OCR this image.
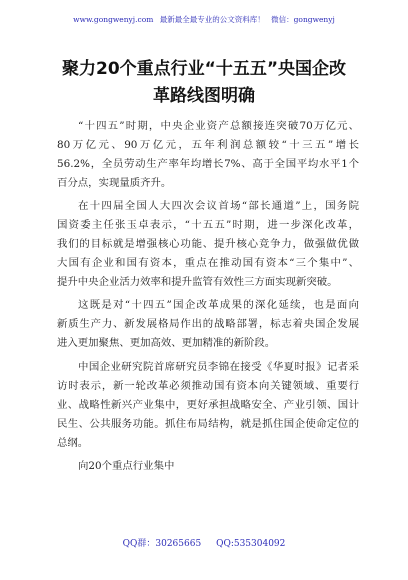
www.gongwenyj.com 最新最全最专业的公文资料库！ 微信：gongwenyj
聚力20个重点行业“十五五”央国企改
革路线图明确
“十四五”时期，中央企业资产总额接连突破70万亿元、
80万亿元、90万亿元，五年利润总额较“十三五”增长
56.2%，全员劳动生产率年均增长7%、高于全国平均水平1个
百分点，实现量质齐升。
在十四届全国人大四次会议首场“部长通道”上，国务院
国资委主任张玉卓表示，“十五五”时期，进一步深化改革，
我们的目标就是增强核心功能、提升核心竞争力，做强做优做
大国有企业和国有资本，重点在推动国有资本“三个集中”、
提升中央企业活力效率和提升监管有效性三方面实现新突破。
这既是对“十四五”国企改革成果的深化延续，也是面向
新质生产力、新发展格局作出的战略部署，标志着央国企发展
进入更加聚焦、更加高效、更加精准的新阶段。
中国企业研究院首席研究员李锦在接受《华夏时报》记者采
访时表示，新一轮改革必须推动国有资本向关键领域、重要行
业、战略性新兴产业集中，更好承担战略安全、产业引领、国计
民生、公共服务功能。抓住布局结构，就是抓住国企使命定位的
总纲。
向20个重点行业集中
QQ群：30265665 QQ:535304092
